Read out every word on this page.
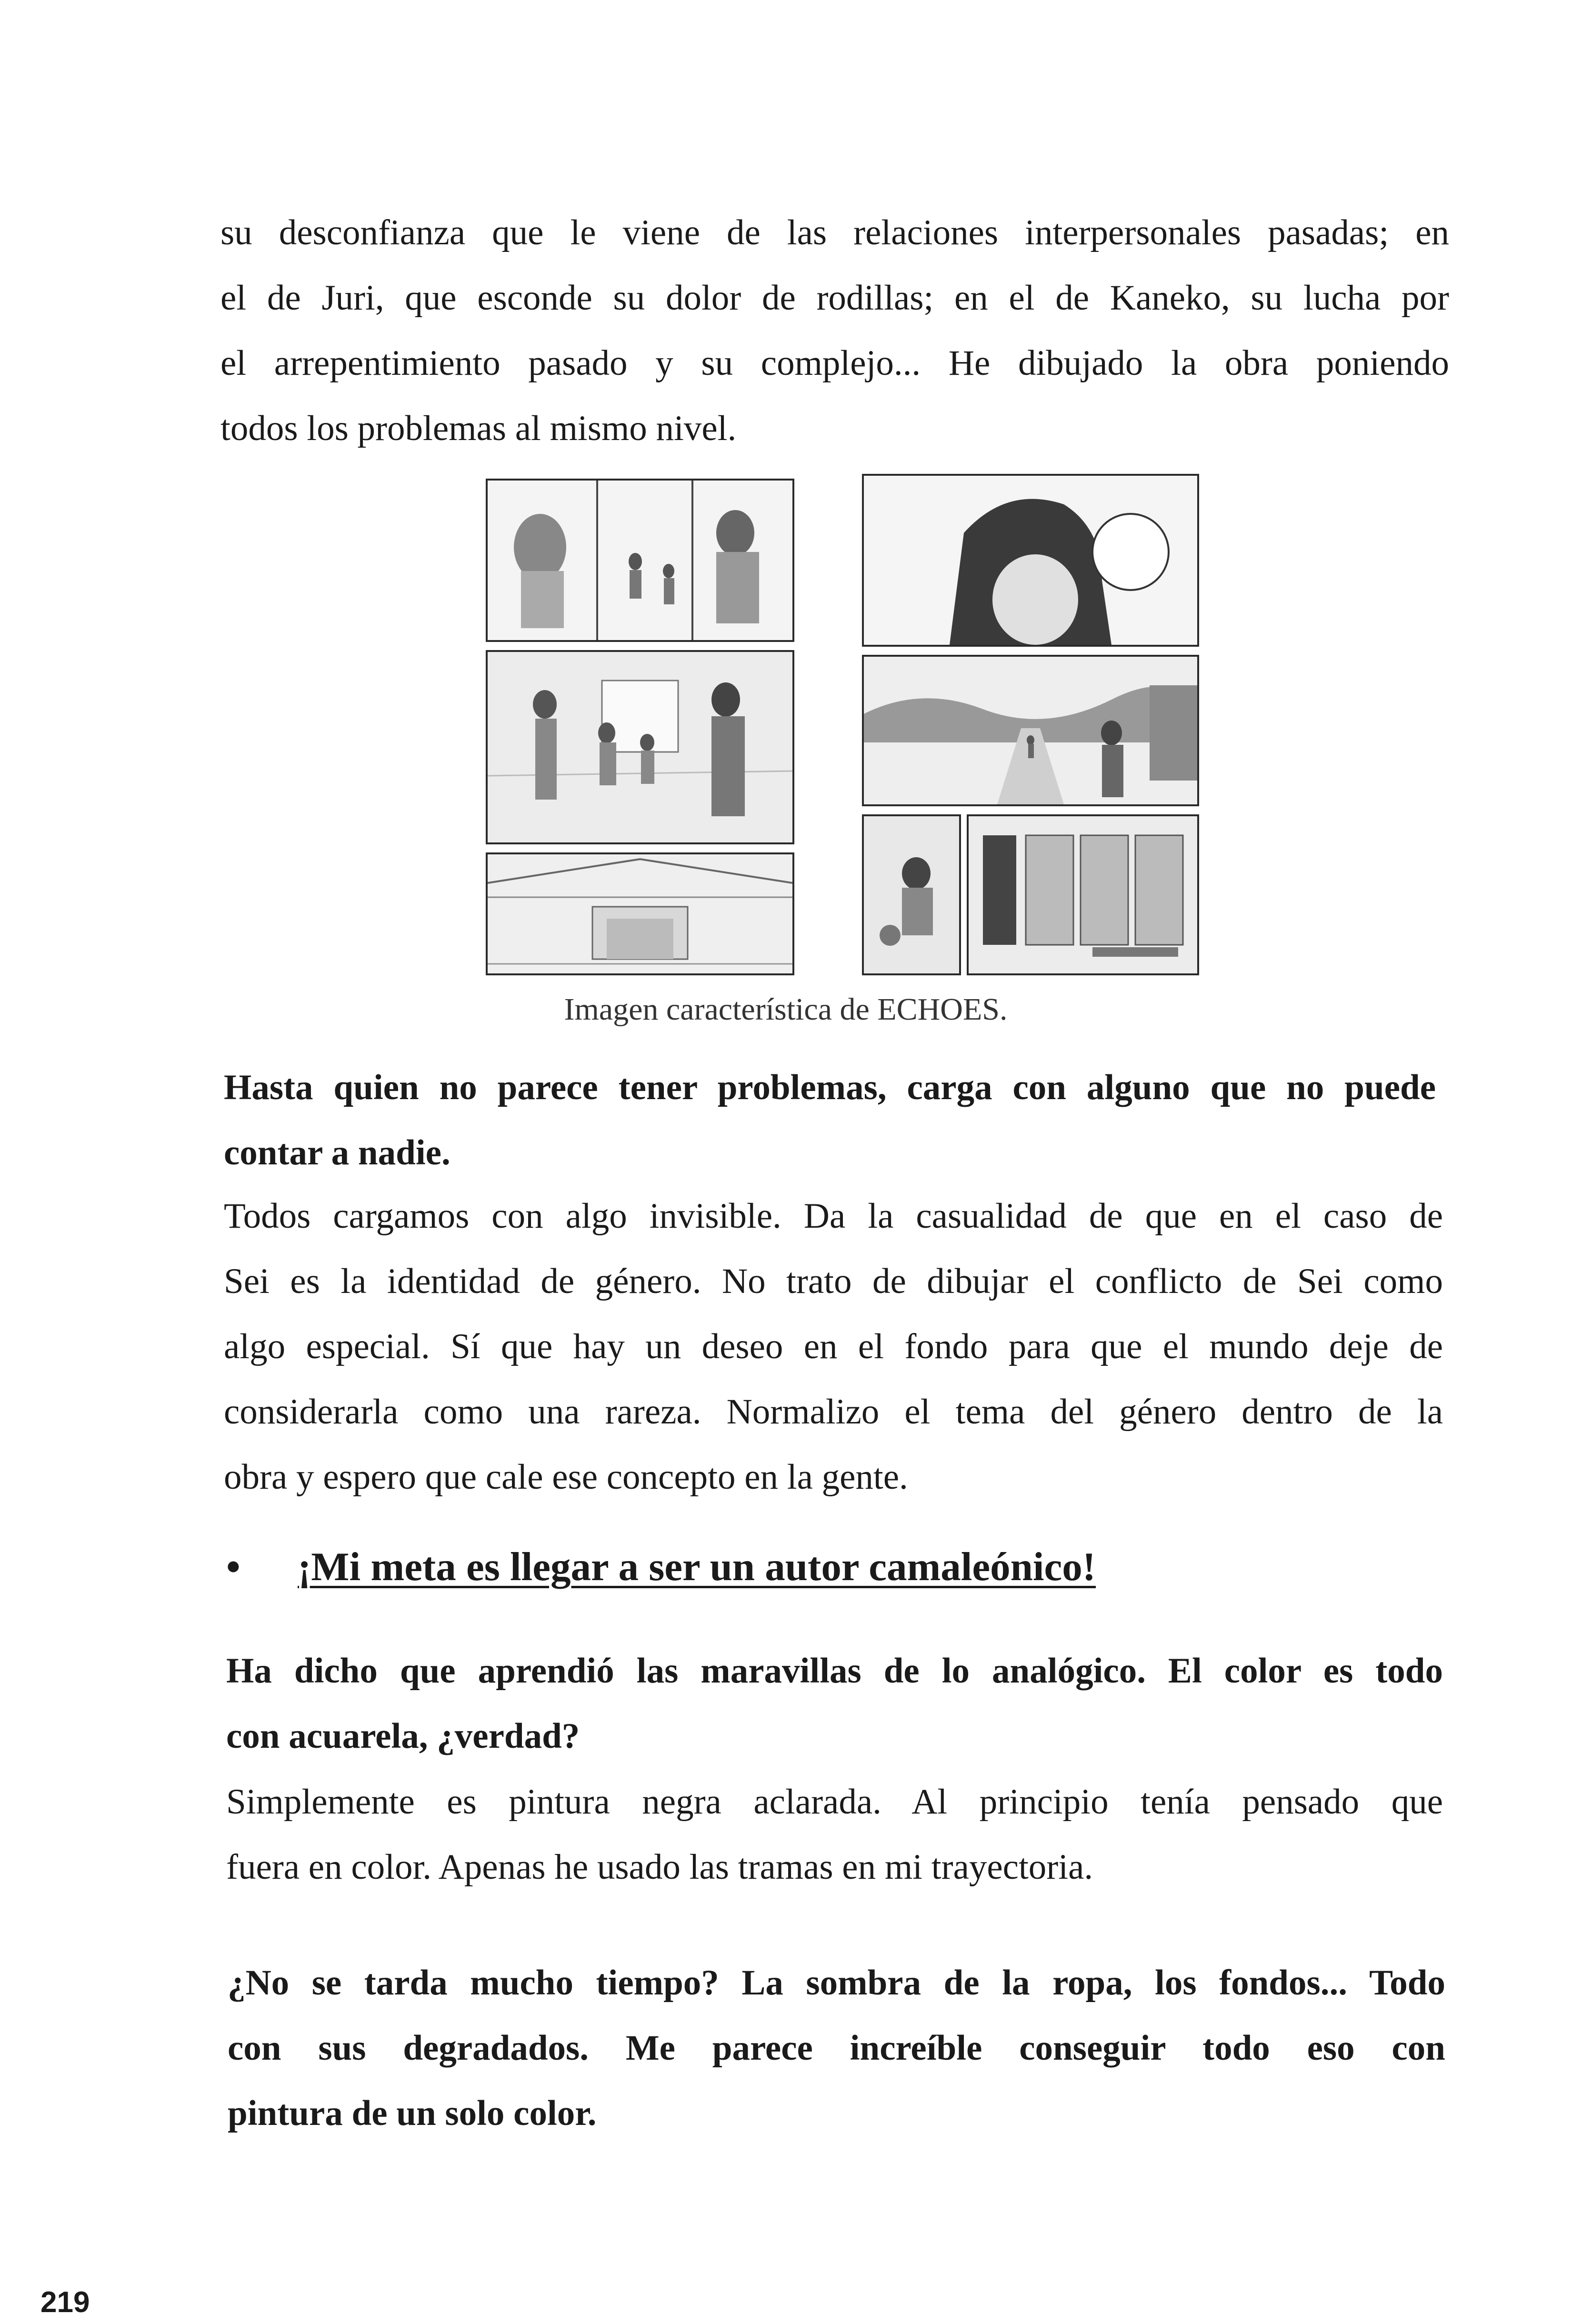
su desconfianza que le viene de las relaciones interpersonales pasadas; en
el de Juri, que esconde su dolor de rodillas; en el de Kaneko, su lucha por
el arrepentimiento pasado y su complejo... He dibujado la obra poniendo
todos los problemas al mismo nivel.
Imagen característica de ECHOES.
Hasta quien no parece tener problemas, carga con alguno que no puede
contar a nadie.
Todos cargamos con algo invisible. Da la casualidad de que en el caso de
Sei es la identidad de género. No trato de dibujar el conflicto de Sei como
algo especial. Sí que hay un deseo en el fondo para que el mundo deje de
considerarla como una rareza. Normalizo el tema del género dentro de la
obra y espero que cale ese concepto en la gente.
• ¡Mi meta es llegar a ser un autor camaleónico!
Ha dicho que aprendió las maravillas de lo analógico. El color es todo
con acuarela, ¿verdad?
Simplemente es pintura negra aclarada. Al principio tenía pensado que
fuera en color. Apenas he usado las tramas en mi trayectoria.
¿No se tarda mucho tiempo? La sombra de la ropa, los fondos... Todo
con sus degradados. Me parece increíble conseguir todo eso con
pintura de un solo color.
219
